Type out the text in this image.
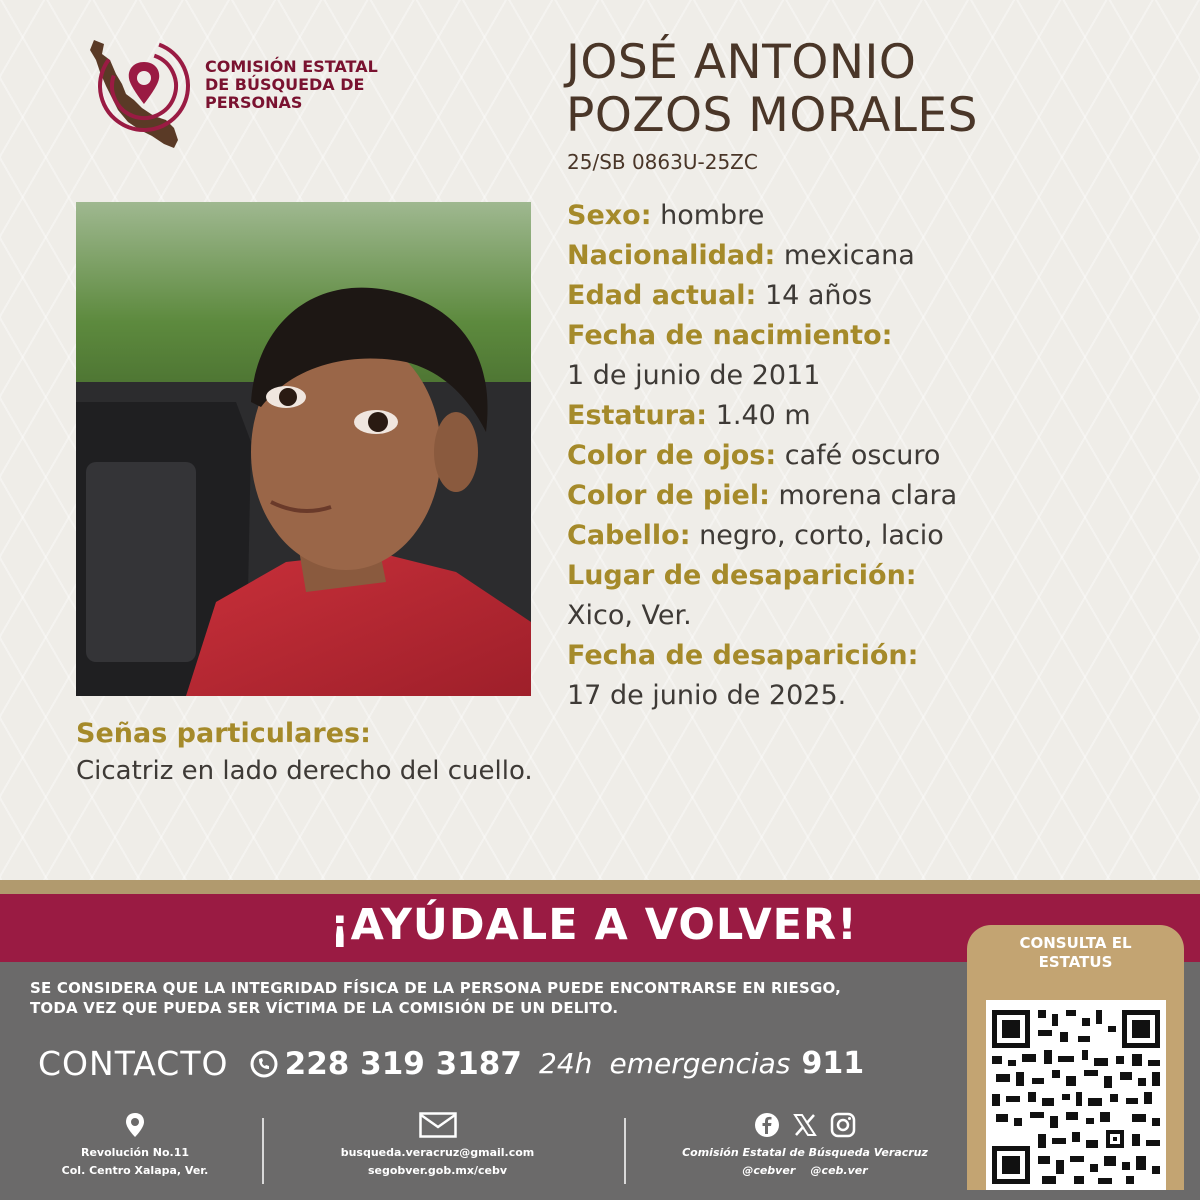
COMISIÓN ESTATAL
DE BÚSQUEDA DE
PERSONAS
JOSÉ ANTONIO
POZOS MORALES
25/SB 0863U-25ZC
Sexo: hombre
Nacionalidad: mexicana
Edad actual: 14 años
Fecha de nacimiento:
1 de junio de 2011
Estatura: 1.40 m
Color de ojos: café oscuro
Color de piel: morena clara
Cabello: negro, corto, lacio
Lugar de desaparición:
Xico, Ver.
Fecha de desaparición:
17 de junio de 2025.
Señas particulares:
Cicatriz en lado derecho del cuello.
¡AYÚDALE A VOLVER!
SE CONSIDERA QUE LA INTEGRIDAD FÍSICA DE LA PERSONA PUEDE ENCONTRARSE EN RIESGO,
TODA VEZ QUE PUEDA SER VÍCTIMA DE LA COMISIÓN DE UN DELITO.
CONTACTO 228 319 3187 24h emergencias 911
Revolución No.11
Col. Centro Xalapa, Ver.
busqueda.veracruz@gmail.com
segobver.gob.mx/cebv

Comisión Estatal de Búsqueda Veracruz
@cebver    @ceb.ver
CONSULTA EL
ESTATUS
